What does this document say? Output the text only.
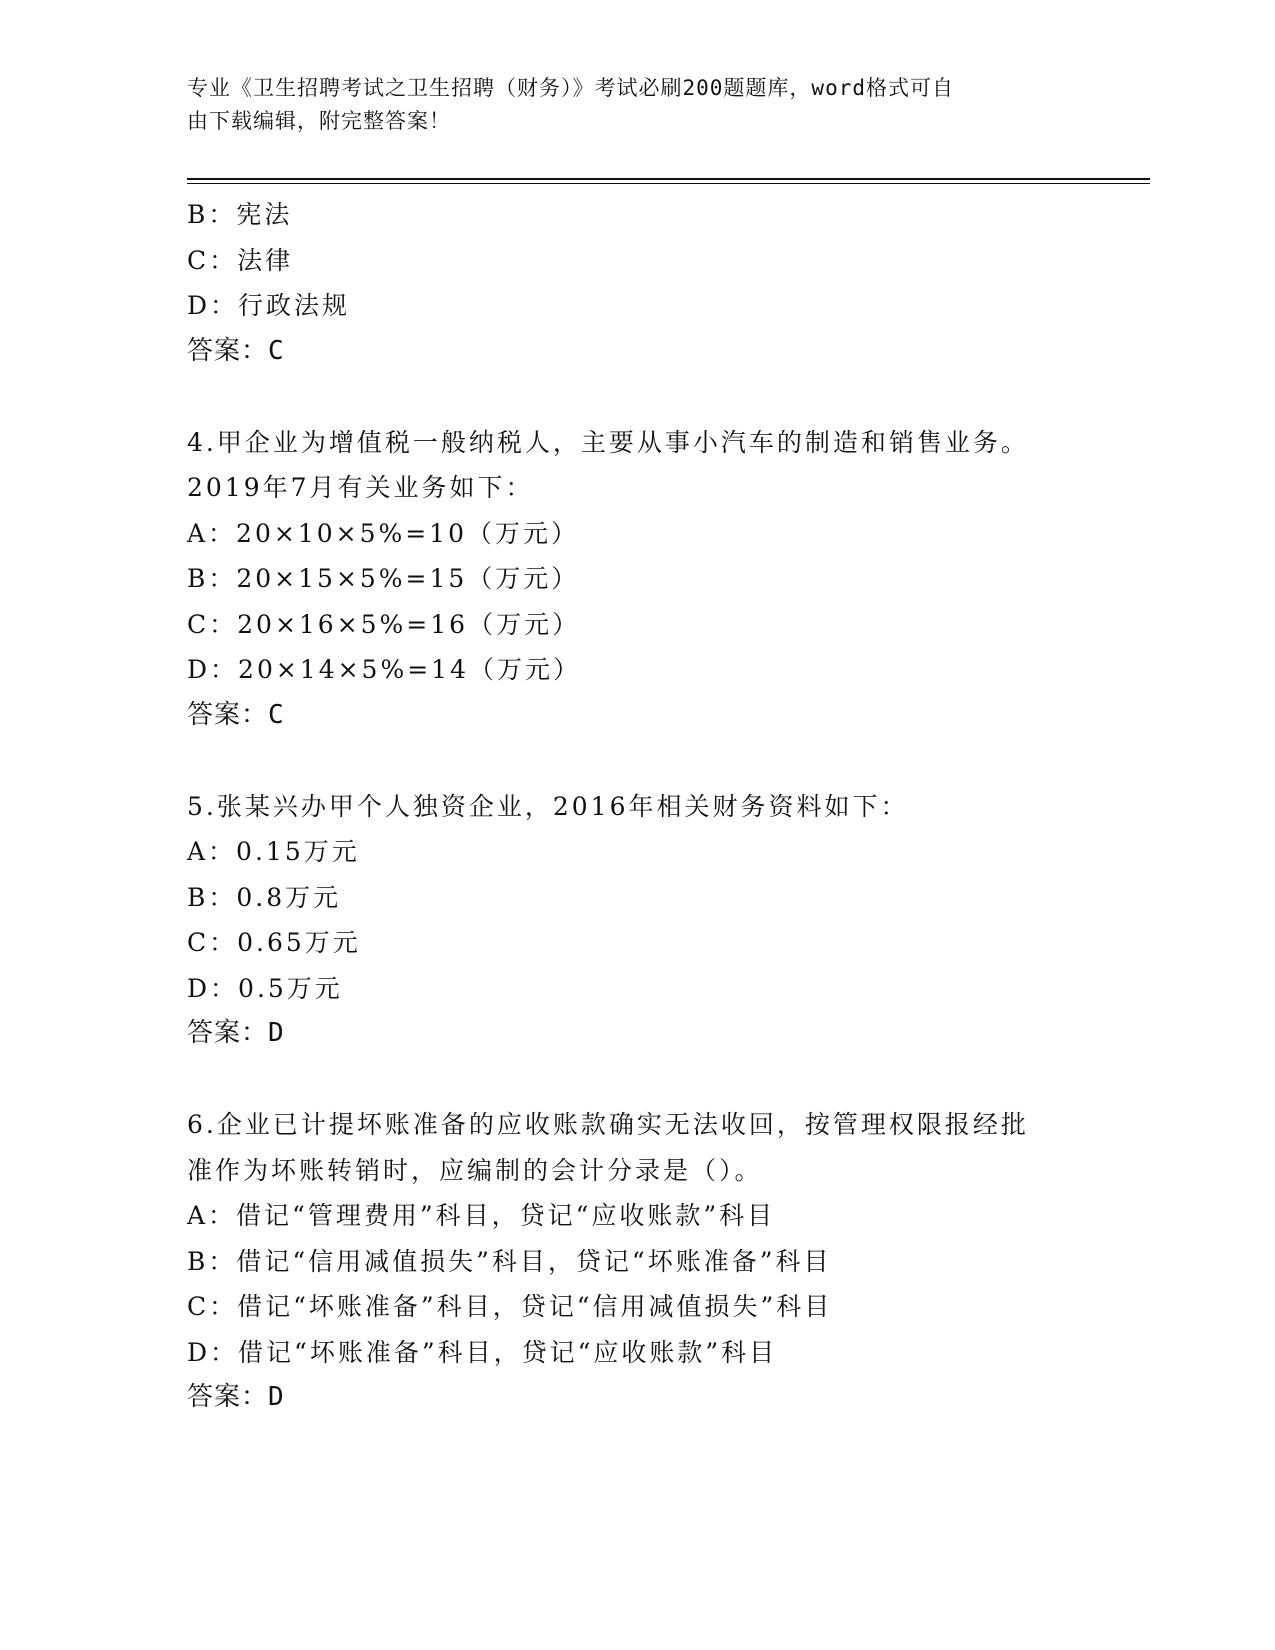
专业《卫生招聘考试之卫生招聘（财务）》考试必刷200题题库，word格式可自
由下载编辑，附完整答案！
B：宪法
C：法律
D：行政法规
答案：C
4.甲企业为增值税一般纳税人，主要从事小汽车的制造和销售业务。
2019年7月有关业务如下：
A：20×10×5%=10（万元）
B：20×15×5%=15（万元）
C：20×16×5%=16（万元）
D：20×14×5%=14（万元）
答案：C
5.张某兴办甲个人独资企业，2016年相关财务资料如下：
A：0.15万元
B：0.8万元
C：0.65万元
D：0.5万元
答案：D
6.企业已计提坏账准备的应收账款确实无法收回，按管理权限报经批
准作为坏账转销时，应编制的会计分录是（）。
A：借记“管理费用”科目，贷记“应收账款”科目
B：借记“信用减值损失”科目，贷记“坏账准备”科目
C：借记“坏账准备”科目，贷记“信用减值损失”科目
D：借记“坏账准备”科目，贷记“应收账款”科目
答案：D
